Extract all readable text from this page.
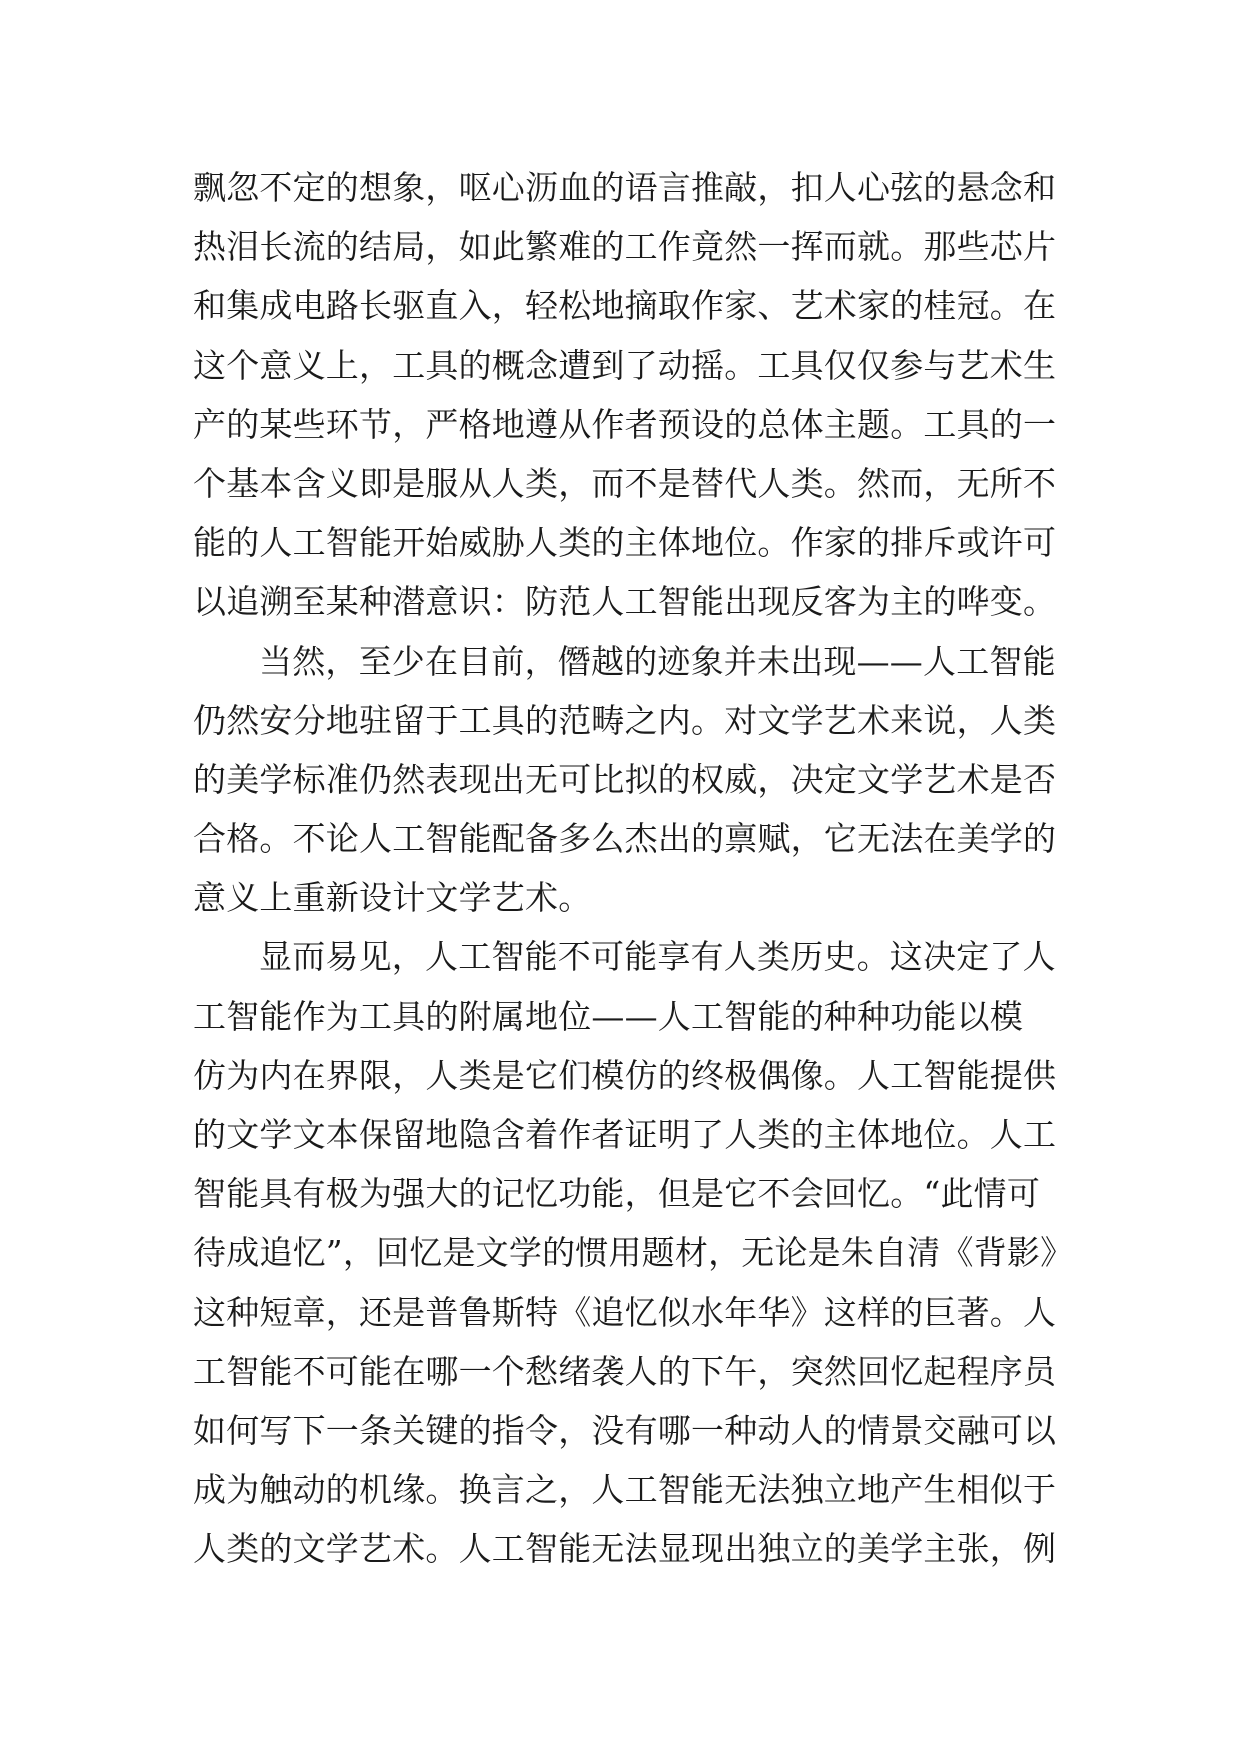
飘忽不定的想象，呕心沥血的语言推敲，扣人心弦的悬念和
热泪长流的结局，如此繁难的工作竟然一挥而就。那些芯片
和集成电路长驱直入，轻松地摘取作家、艺术家的桂冠。在
这个意义上，工具的概念遭到了动摇。工具仅仅参与艺术生
产的某些环节，严格地遵从作者预设的总体主题。工具的一
个基本含义即是服从人类，而不是替代人类。然而，无所不
能的人工智能开始威胁人类的主体地位。作家的排斥或许可
以追溯至某种潜意识：防范人工智能出现反客为主的哗变。
当然，至少在目前，僭越的迹象并未出现——人工智能
仍然安分地驻留于工具的范畴之内。对文学艺术来说，人类
的美学标准仍然表现出无可比拟的权威，决定文学艺术是否
合格。不论人工智能配备多么杰出的禀赋，它无法在美学的
意义上重新设计文学艺术。
显而易见，人工智能不可能享有人类历史。这决定了人
工智能作为工具的附属地位——人工智能的种种功能以模
仿为内在界限，人类是它们模仿的终极偶像。人工智能提供
的文学文本保留地隐含着作者证明了人类的主体地位。人工
智能具有极为强大的记忆功能，但是它不会回忆。“此情可
待成追忆”，回忆是文学的惯用题材，无论是朱自清《背影》
这种短章，还是普鲁斯特《追忆似水年华》这样的巨著。人
工智能不可能在哪一个愁绪袭人的下午，突然回忆起程序员
如何写下一条关键的指令，没有哪一种动人的情景交融可以
成为触动的机缘。换言之，人工智能无法独立地产生相似于
人类的文学艺术。人工智能无法显现出独立的美学主张，例
